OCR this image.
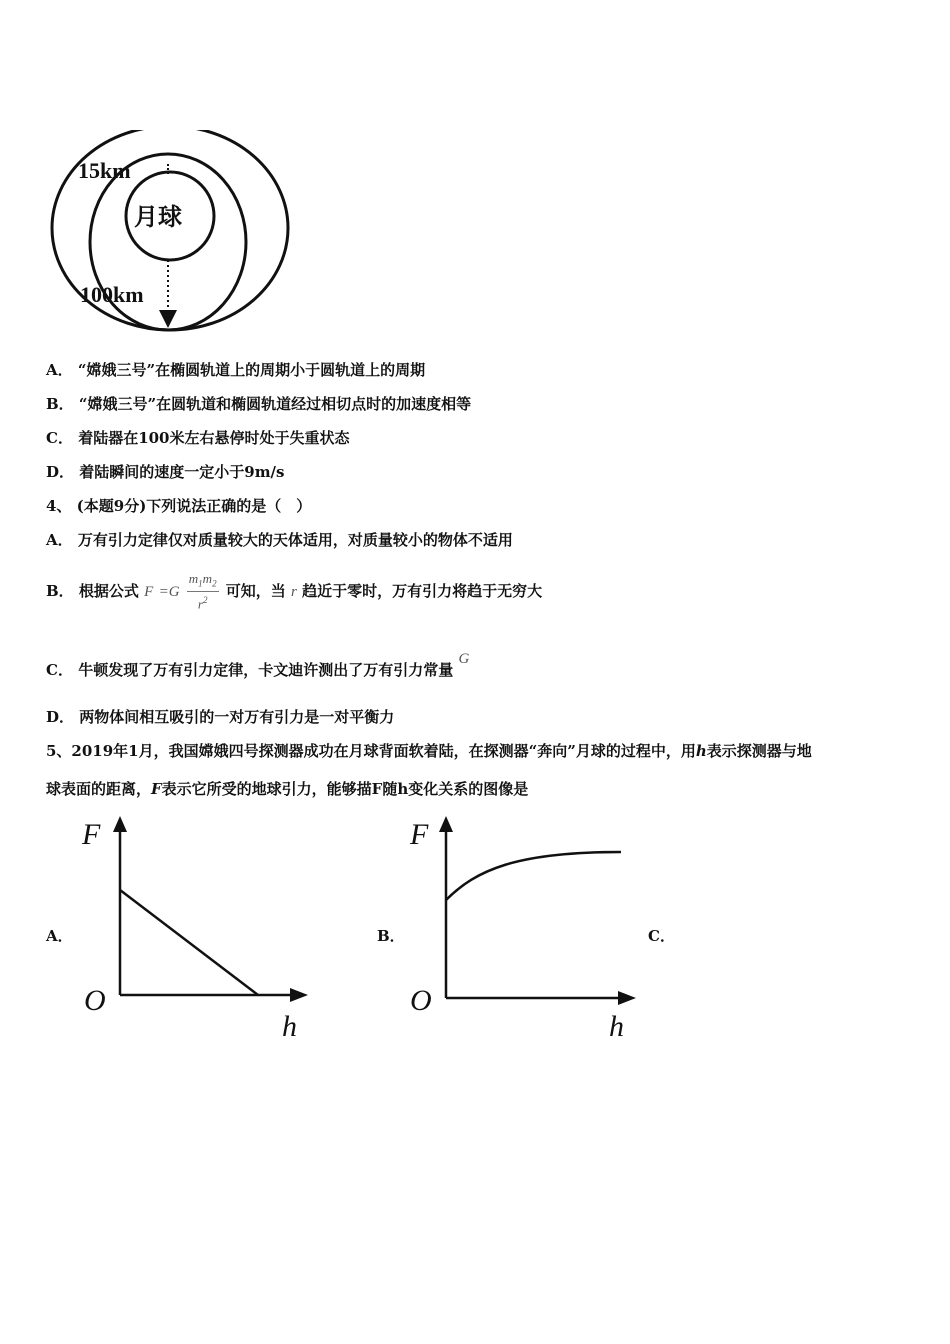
15km
月球
100km
A． “嫦娥三号”在椭圆轨道上的周期小于圆轨道上的周期
B． “嫦娥三号”在圆轨道和椭圆轨道经过相切点时的加速度相等
C． 着陆器在100米左右悬停时处于失重状态
D． 着陆瞬间的速度一定小于9m/s
4、 (本题9分)下列说法正确的是（　）
A． 万有引力定律仅对质量较大的天体适用，对质量较小的物体不适用
B． 根据公式 $F =G \frac{m_1m_2}{r^2}$ 可知，当 r 趋近于零时，万有引力将趋于无穷大
C． 牛顿发现了万有引力定律，卡文迪许测出了万有引力常量 G
D． 两物体间相互吸引的一对万有引力是一对平衡力
5、2019年1月，我国嫦娥四号探测器成功在月球背面软着陆，在探测器“奔向”月球的过程中，用h表示探测器与地
球表面的距离，F表示它所受的地球引力，能够描F随h变化关系的图像是
A．	B．	C．
F
O
h
F
O
h
